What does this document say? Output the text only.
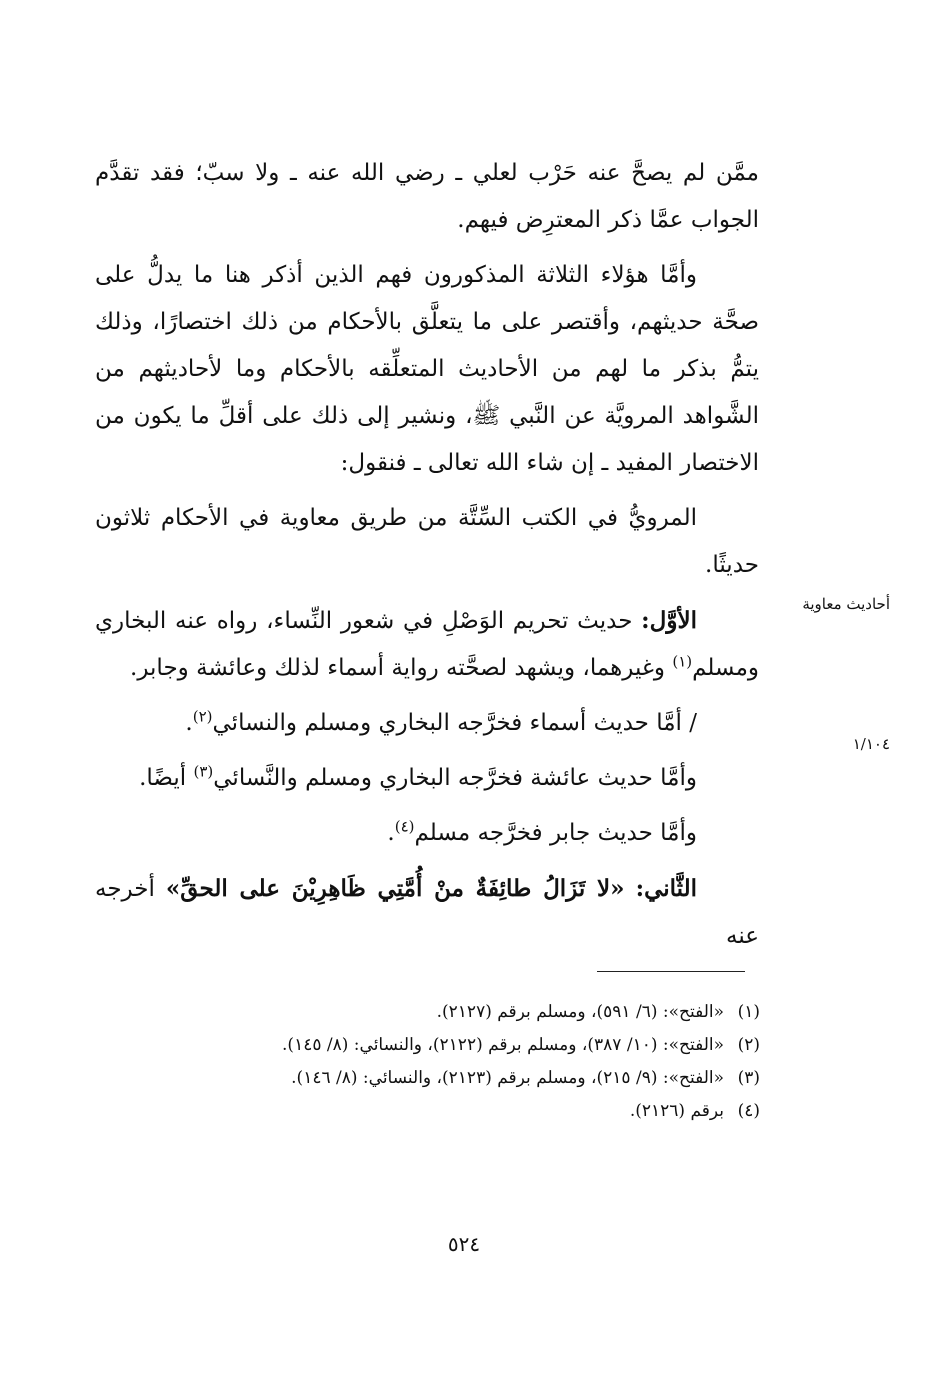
ممَّن لم يصحَّ عنه حَرْب لعلي ـ رضي الله عنه ـ ولا سبّ؛ فقد تقدَّم الجواب عمَّا ذكر المعترِض فيهم.

وأمَّا هؤلاء الثلاثة المذكورون فهم الذين أذكر هنا ما يدلُّ على صحَّة حديثهم، وأقتصر على ما يتعلَّق بالأحكام من ذلك اختصارًا، وذلك يتمُّ بذكر ما لهم من الأحاديث المتعلِّقه بالأحكام وما لأحاديثهم من الشَّواهد المرويَّة عن النَّبي ﷺ، ونشير إلى ذلك على أقلِّ ما يكون من الاختصار المفيد ـ إن شاء الله تعالى ـ فنقول:

المرويُّ في الكتب السِّتَّة من طريق معاوية في الأحكام ثلاثون حديثًا.

الأوَّل: حديث تحريم الوَصْلِ في شعور النِّساء، رواه عنه البخاري ومسلم$^{(١)}$ وغيرهما، ويشهد لصحَّته رواية أسماء لذلك وعائشة وجابر.

/ أمَّا حديث أسماء فخرَّجه البخاري ومسلم والنسائي$^{(٢)}$.

وأمَّا حديث عائشة فخرَّجه البخاري ومسلم والنَّسائي$^{(٣)}$ أيضًا.

وأمَّا حديث جابر فخرَّجه مسلم$^{(٤)}$.

الثَّاني: «لا تَزَالُ طائِفَةٌ منْ أُمَّتِي ظَاهِرِيْنَ على الحقِّ» أخرجه عنه

أحاديث معاوية
١/١٠٤
(١)
«الفتح»: (٦/ ٥٩١)، ومسلم برقم (٢١٢٧).
(٢)
«الفتح»: (١٠/ ٣٨٧)، ومسلم برقم (٢١٢٢)، والنسائي: (٨/ ١٤٥).
(٣)
«الفتح»: (٩/ ٢١٥)، ومسلم برقم (٢١٢٣)، والنسائي: (٨/ ١٤٦).
(٤)
برقم (٢١٢٦).
٥٢٤
